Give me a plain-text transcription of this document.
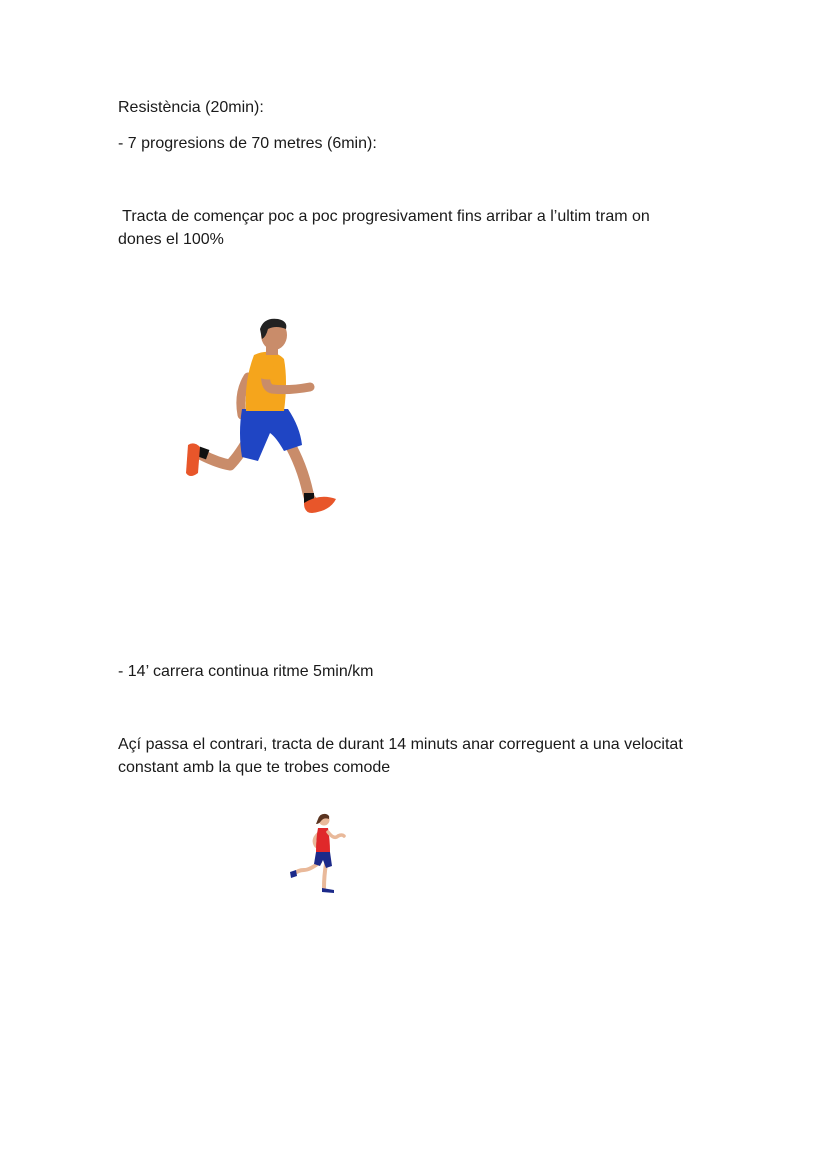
Resistència (20min):

- 7 progresions de 70 metres (6min):

Tracta de començar poc a poc progresivament fins arribar a l’ultim tram on
dones el 100%

- 14’ carrera continua ritme 5min/km

Açí passa el contrari, tracta de durant 14 minuts anar correguent a una velocitat
constant amb la que te trobes comode
